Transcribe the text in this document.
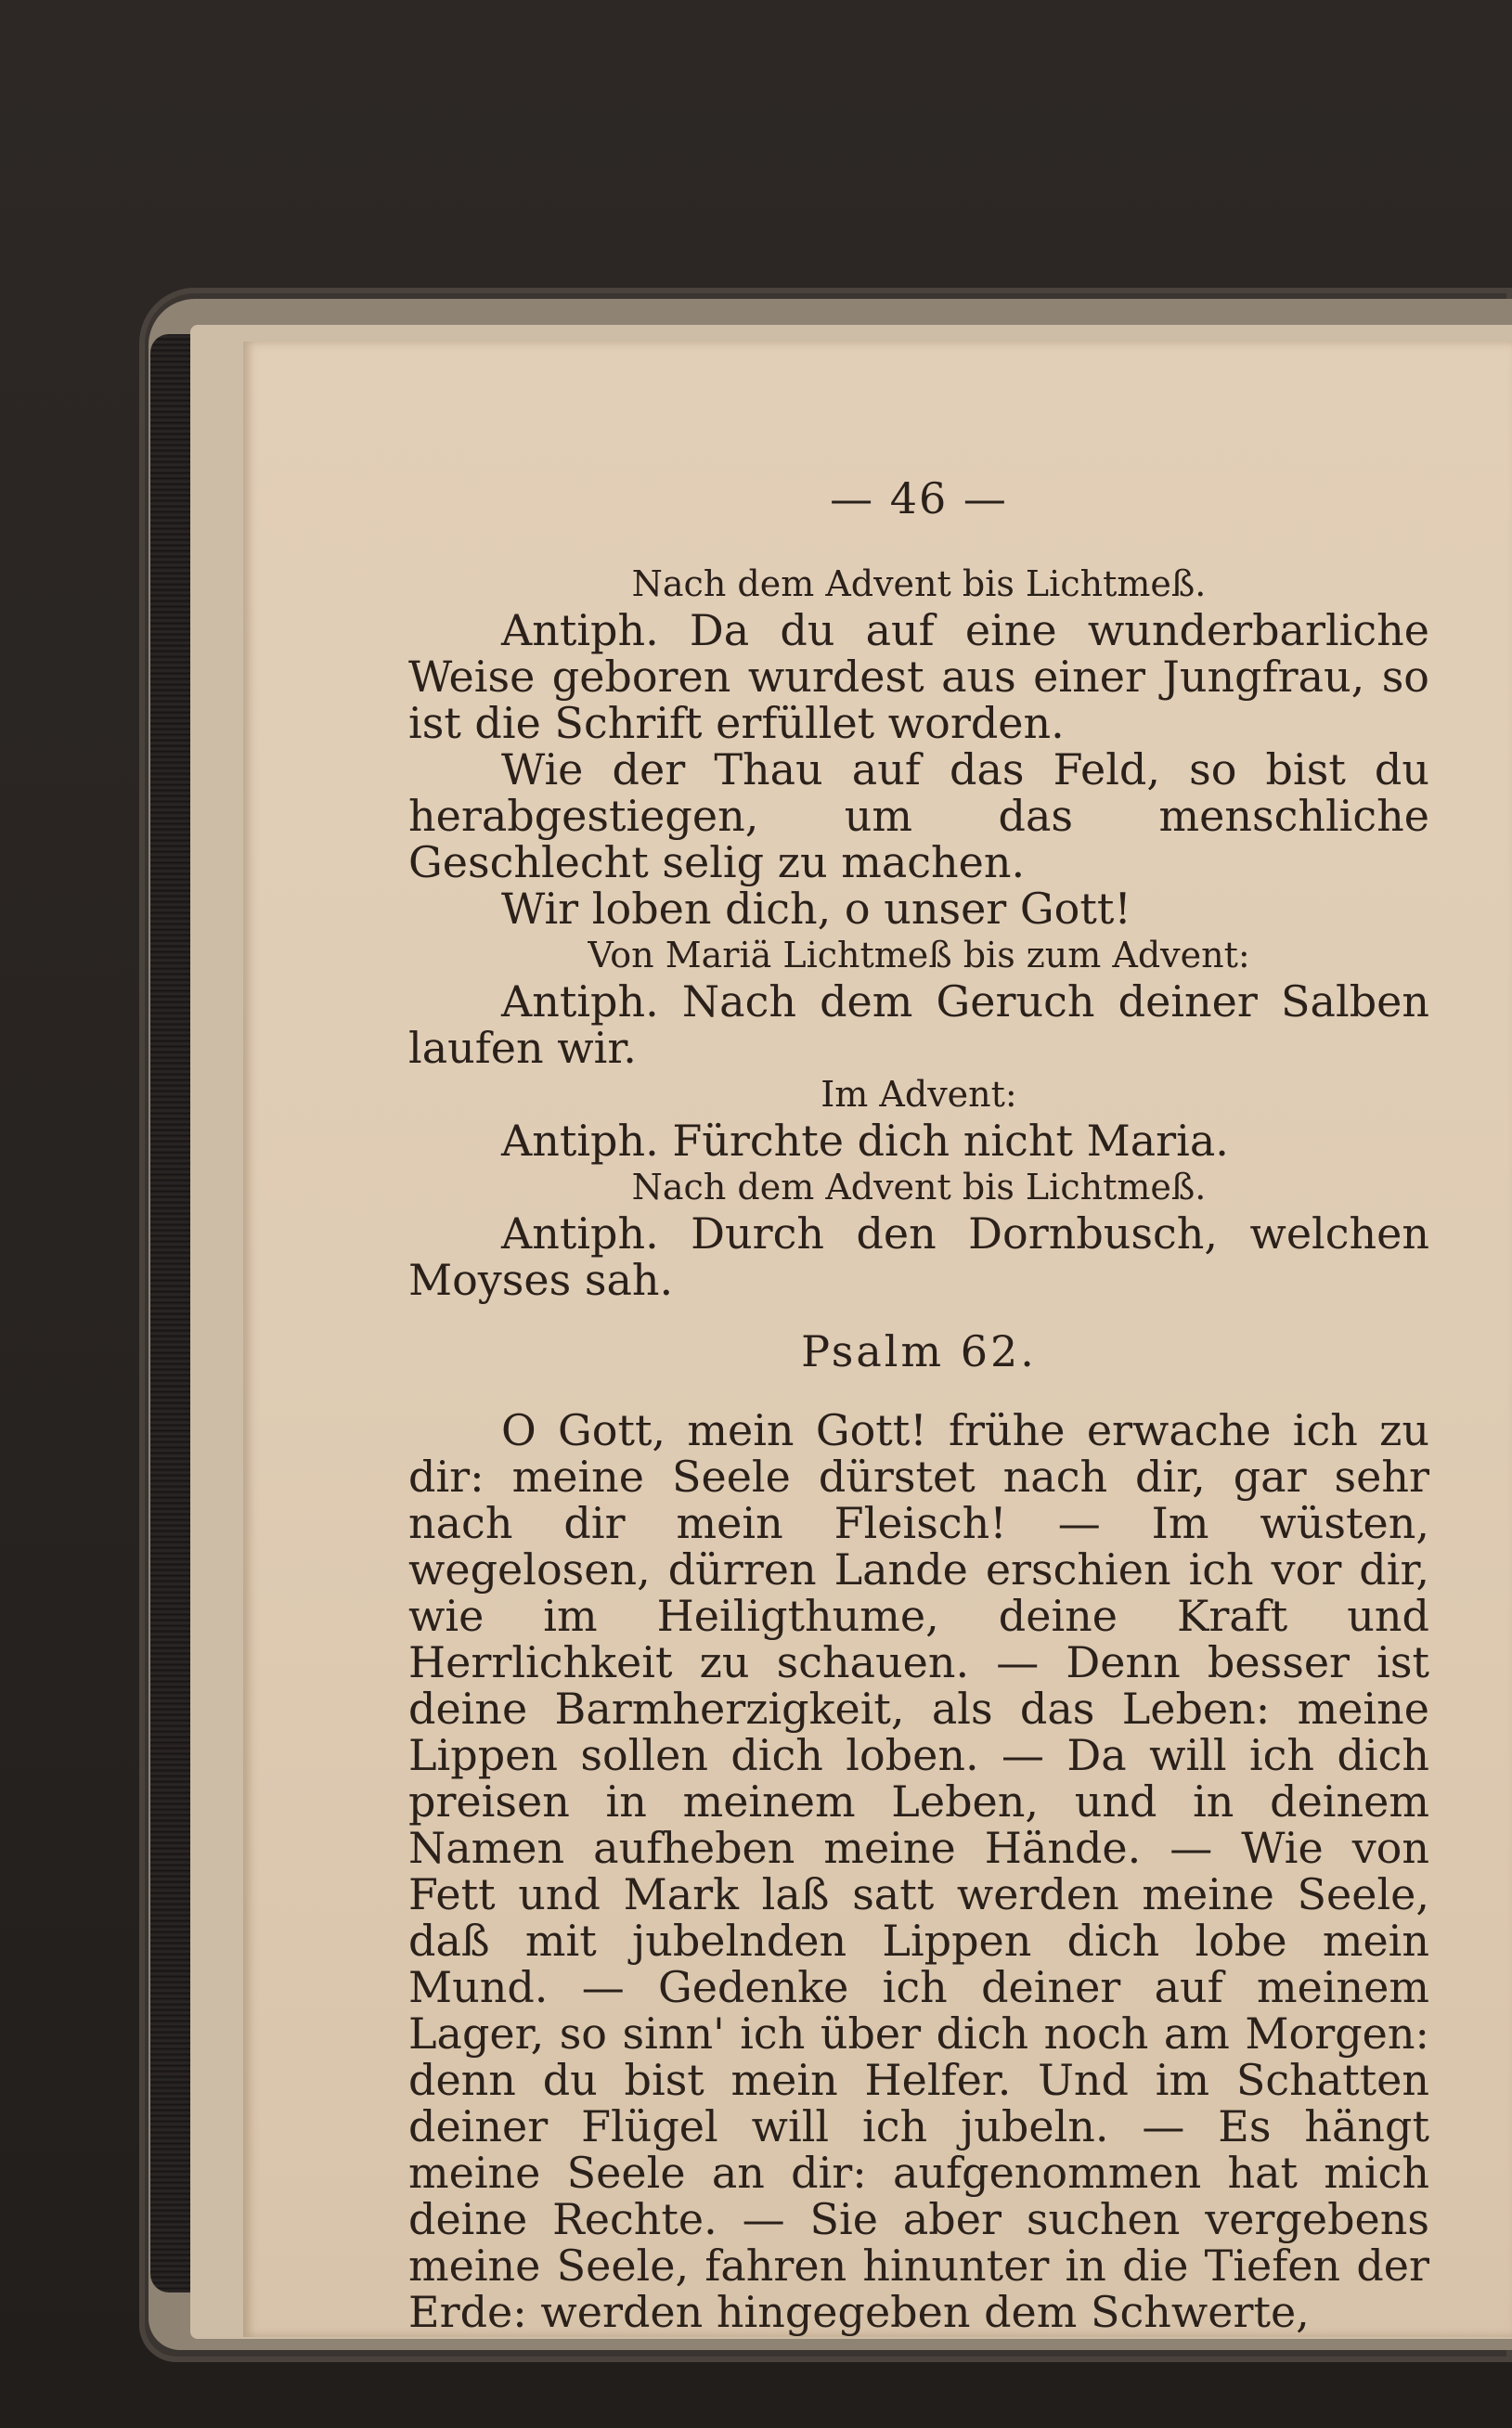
— 46 —
Nach dem Advent bis Lichtmeß.

Antiph. Da du auf eine wunderbarliche Weise geboren wurdest aus einer Jungfrau, so ist die Schrift erfüllet worden.

Wie der Thau auf das Feld, so bist du herabgestiegen, um das menschliche Geschlecht selig zu machen.

Wir loben dich, o unser Gott!

Von Mariä Lichtmeß bis zum Advent:

Antiph. Nach dem Geruch deiner Salben laufen wir.

Im Advent:

Antiph. Fürchte dich nicht Maria.

Nach dem Advent bis Lichtmeß.

Antiph. Durch den Dornbusch, welchen Moyses sah.

Psalm 62.

O Gott, mein Gott! frühe erwache ich zu dir: meine Seele dürstet nach dir, gar sehr nach dir mein Fleisch! — Im wüsten, wegelosen, dürren Lande erschien ich vor dir, wie im Heiligthume, deine Kraft und Herrlichkeit zu schauen. — Denn besser ist deine Barmherzigkeit, als das Leben: meine Lippen sollen dich loben. — Da will ich dich preisen in meinem Leben, und in deinem Namen aufheben meine Hände. — Wie von Fett und Mark laß satt werden meine Seele, daß mit jubelnden Lippen dich lobe mein Mund. — Gedenke ich deiner auf meinem Lager, so sinn' ich über dich noch am Morgen: denn du bist mein Helfer. Und im Schatten deiner Flügel will ich jubeln. — Es hängt meine Seele an dir: aufgenommen hat mich deine Rechte. — Sie aber suchen vergebens meine Seele, fahren hinunter in die Tiefen der Erde: werden hingegeben dem Schwerte,
